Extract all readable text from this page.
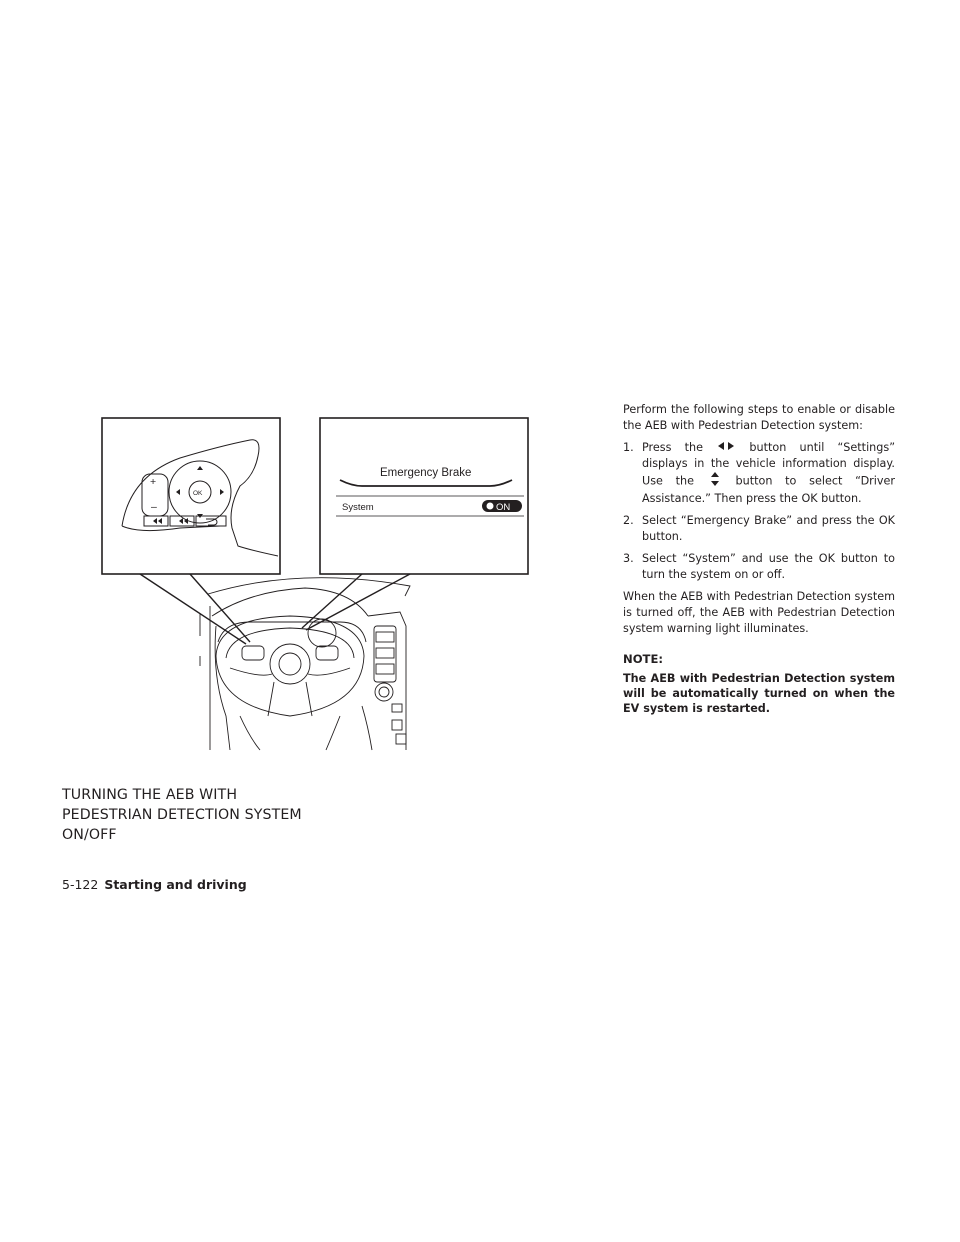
+
–
OK
Emergency Brake
System	ON
TURNING THE AEB WITH
PEDESTRIAN DETECTION SYSTEM
ON/OFF

Perform the following steps to enable or disable the AEB with Pedestrian Detection system:

1. Press the	button until “Settings” displays in the vehicle information display. Use the	button to select “Driver Assistance.” Then press the OK button.
2. Select “Emergency Brake” and press the OK button.
3. Select “System” and use the OK button to turn the system on or off.

When the AEB with Pedestrian Detection system is turned off, the AEB with Pedestrian Detection system warning light illuminates.

NOTE:

The AEB with Pedestrian Detection system will be automatically turned on when the EV system is restarted.

5-122 Starting and driving
